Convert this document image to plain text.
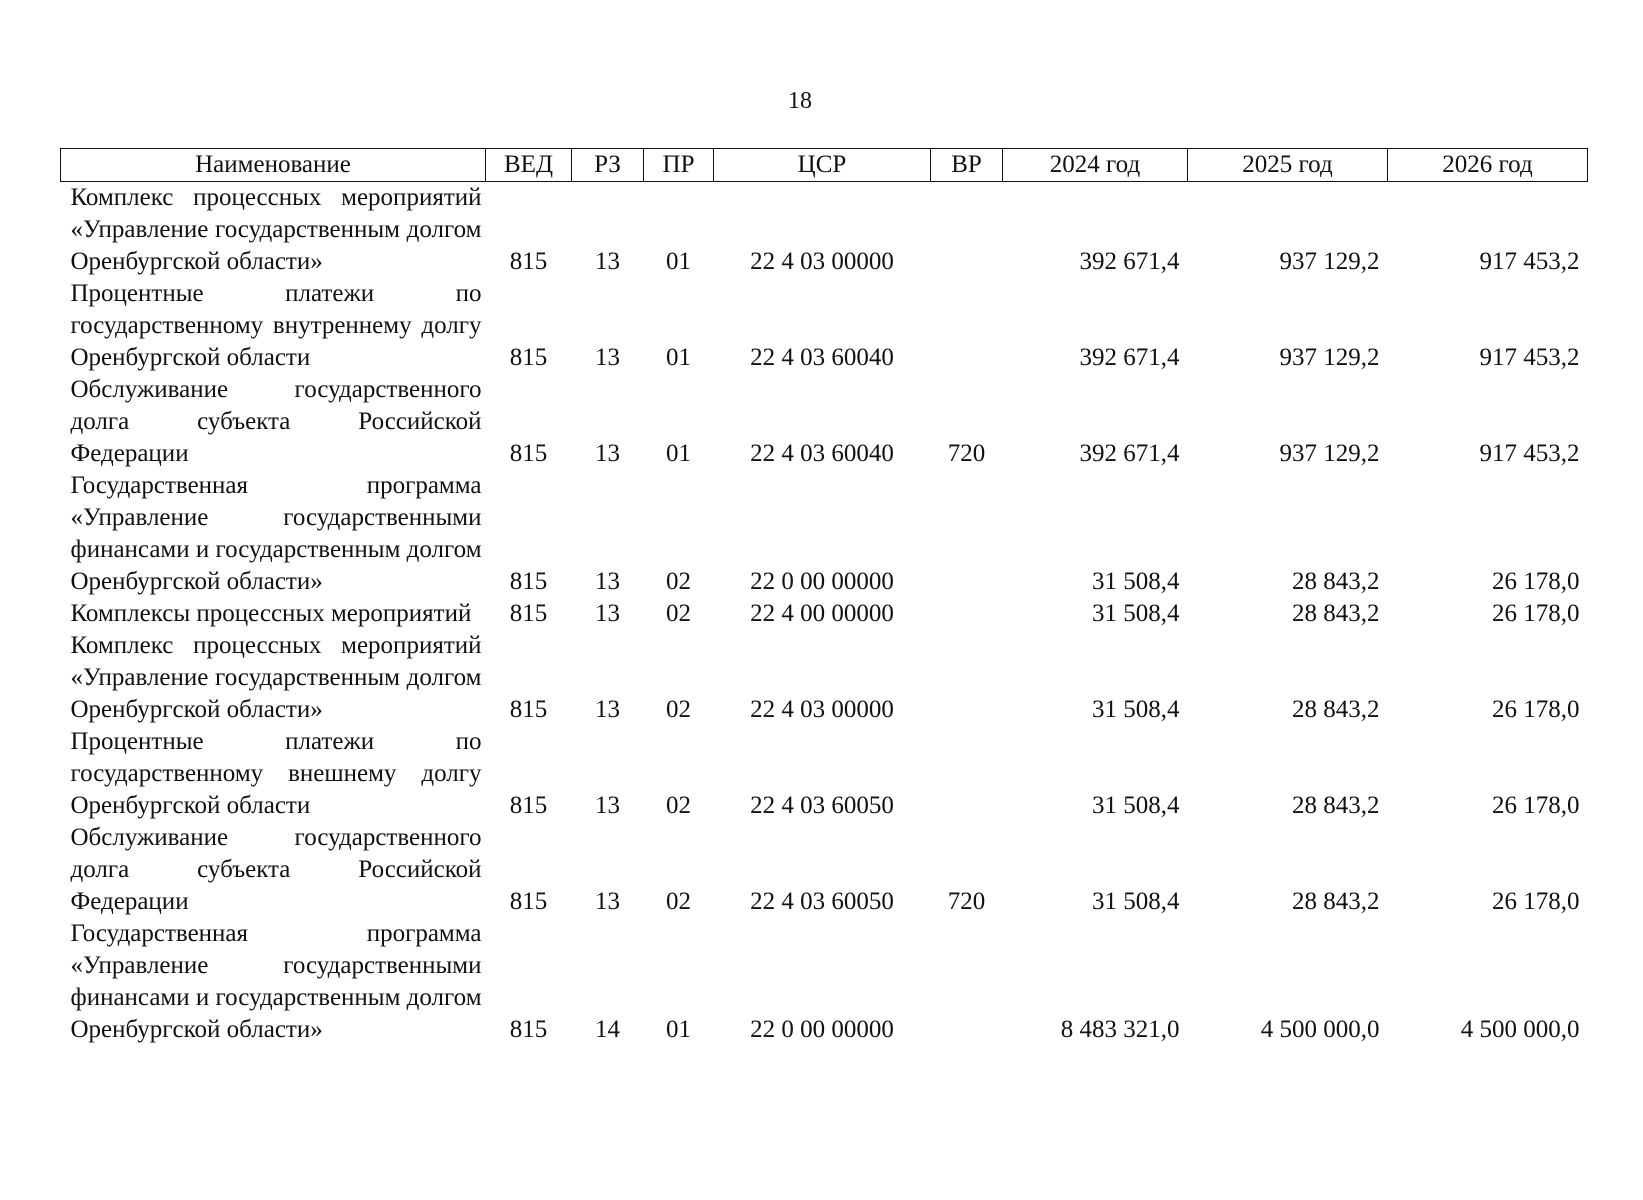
18
Наименование	ВЕД	РЗ	ПР	ЦСР	ВР	2024 год	2025 год	2026 год
Комплекс процессных мероприятий «Управление государственным долгом Оренбургской области»	815	13	01	22 4 03 00000		392 671,4	937 129,2	917 453,2
Процентные платежи по государственному внутреннему долгу Оренбургской области	815	13	01	22 4 03 60040		392 671,4	937 129,2	917 453,2
Обслуживание государственного долга субъекта Российской Федерации	815	13	01	22 4 03 60040	720	392 671,4	937 129,2	917 453,2
Государственная программа «Управление государственными финансами и государственным долгом Оренбургской области»	815	13	02	22 0 00 00000		31 508,4	28 843,2	26 178,0
Комплексы процессных мероприятий	815	13	02	22 4 00 00000		31 508,4	28 843,2	26 178,0
Комплекс процессных мероприятий «Управление государственным долгом Оренбургской области»	815	13	02	22 4 03 00000		31 508,4	28 843,2	26 178,0
Процентные платежи по государственному внешнему долгу Оренбургской области	815	13	02	22 4 03 60050		31 508,4	28 843,2	26 178,0
Обслуживание государственного долга субъекта Российской Федерации	815	13	02	22 4 03 60050	720	31 508,4	28 843,2	26 178,0
Государственная программа «Управление государственными финансами и государственным долгом Оренбургской области»	815	14	01	22 0 00 00000		8 483 321,0	4 500 000,0	4 500 000,0
